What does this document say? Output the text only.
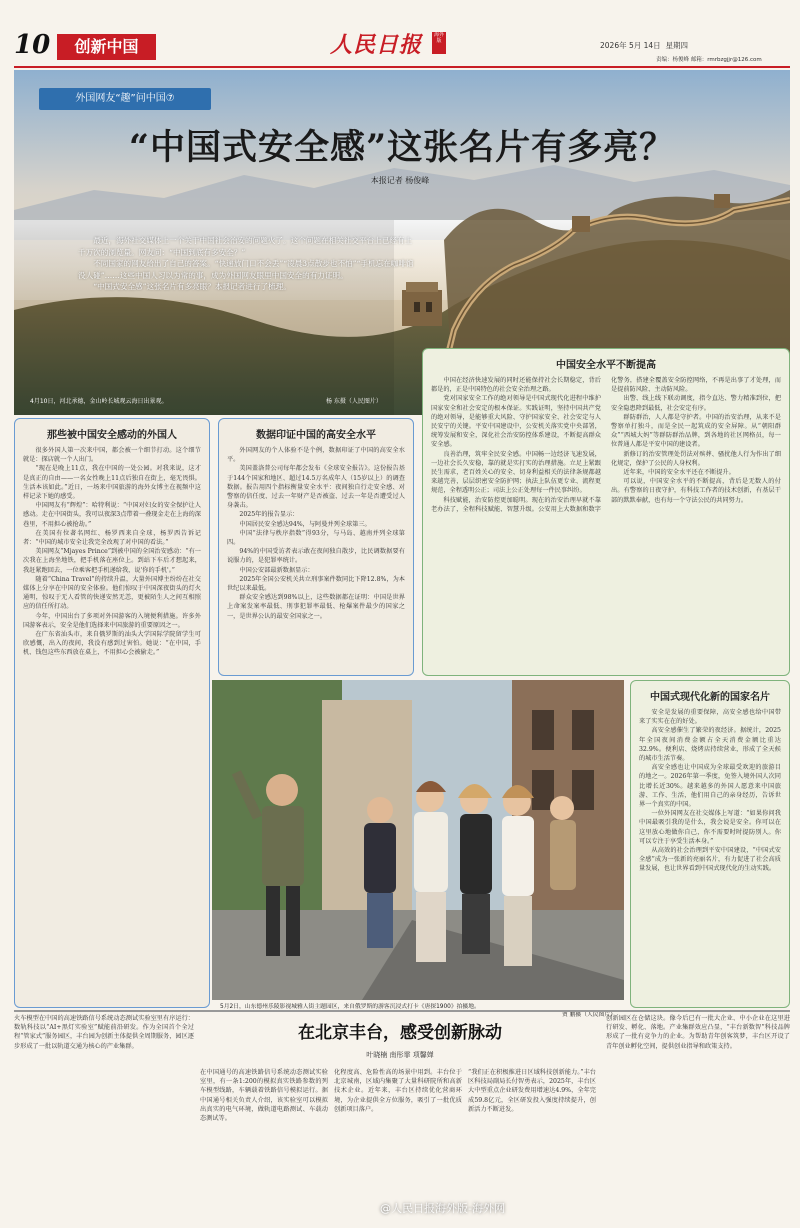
10	创新中国	人民日报	海外版	2026年 5月 14日 星期四
责编：杨俊峰 邮箱：rmrbzgjjr@126.com
外国网友“趣”问中国⑦
“中国式安全感”这张名片有多亮？
本报记者 杨俊峰

最近，海外社交媒体上一个关于中国社会治安的问题火了。这个问题在相关社交平台上已经有上千万次的浏览量。网友问：“中国到底有多安全？”

不同国家的网友给出了自己的答案。“快递放门口不会丢”“凌晨3点散步也不怕”“手机忘在咖啡馆没人碰”……这些中国人习以为常的事，成为外国网友眼里中国安全的有力证明。

“中国式安全感”这张名片有多亮眼？本报记者进行了梳理。

4月10日，河北承德，金山岭长城观云海日出景观。	杨 东摄（人民图片）
那些被中国安全感动的外国人

很多外国人第一次来中国，都会被一个细节打动。这个细节就是：探店就一个人出门。

“现在是晚上11点，我在中国的一处公园。对我来说，这才是真正的自由——一名女性晚上11点后独自在街上，毫无畏惧。生活本该如此。”近日，一场来中国旅游的海外女博主在视频中这样记录下她的感受。

中国网友有“辉煌”：哈特利说：“中国对妇女的安全保护让人感动。走在中国街头，我可以夜深3点带着一叠现金走在上海的深巷里，不用担心被抢劫。”

在美国有位著名网红、杨罗西来自全球，杨罗西告诉记者：“中国的城市安全让我完全改观了对中国的看法。”

美国网友“Mjayes Prince”到被中国的全国治安感动：“有一次我在上海坐地铁，把手机落在座位上。到站下车后才想起来，我赶紧跑回去，一位乘客把手机递给我，说'你的手机'。”

随着“China Travel”的持续升温，大量外国博主纷纷在社交媒体上分享在中国的安全体验。他们惊叹于中国深夜街头的灯火通明，惊叹于无人看管的快递安然无恙，更被陌生人之间互相照应的信任所打动。

今年，中国出台了多项对外国游客的入境便利措施。许多外国游客表示，安全是他们选择来中国旅游的重要原因之一。

在广东省汕头市，来自俄罗斯的汕头大学国际学院留学生可欣感慨，出入的夜间，我没有感到过害怕。她说：“在中国，手机、钱包这些东西放在桌上，不用担心会被偷走。”

数据印证中国的高安全水平

外国网友的个人体验不是个例，数据印证了中国的高安全水平。

美国盖洛普公司每年都会发布《全球安全报告》。这份报告基于144个国家和地区、超过14.5万名成年人（15岁以上）的调查数据。报告用四个指标衡量安全水平：夜间独自行走安全感、对警察的信任度、过去一年财产是否被盗、过去一年是否遭受过人身袭击。

2025年的报告显示：

中国居民安全感达94%，与阿曼并列全球第三。

中国“法律与秩序指数”得93分，与马岛、越南并列全球第四。

94%的中国受访者表示敢在夜间独自散步，比民调数据要有说服力的，是犯罪率统计。

中国公安部最新数据显示：

2025年全国公安机关共立刑事案件数同比下降12.8%，为本世纪以来最低。

群众安全感达到98%以上，这些数据都在证明：中国是世界上命案发案率最低、刑事犯罪率最低、枪爆案件最少的国家之一，是世界公认的最安全国家之一。

中国安全水平不断提高

中国在经济快速发展的同时还能保持社会长期稳定，背后都是的，正是中国特色的社会安全治理之路。

党对国家安全工作的绝对领导是中国式现代化进程中维护国家安全和社会安定的根本保证。实践证明，坚持中国共产党的绝对领导，是能够重大风险、守护国家安全、社会安定与人民安宁的关键。平安中国建设中，公安机关落实党中央部署，统筹发展和安全，深化社会治安防控体系建设，不断提高群众安全感。

良善治理，筑牢全民安全感。中国畅一边经济飞速发展，一边社会长久安稳，靠的就是实打实的治理措施。立足上紧跟民生需求，老百姓关心的安全、切身利益相关的法律条规都越来越完善，层层织密安全防护网；执法上队伍更专业、流程更规范，全程透明公正；司法上公正处理每一件民事纠纷。

科技赋能，治安防控更加聪明。现在的治安治理早就不靠老办法了，全程科技赋能、智慧升级。公安用上大数据和数字化警务，搭建全覆盖安全防控网络，不再是出事了才处理，而是提前防风险、主动防风险。

出警、线上线下联动调度，指令直达、警力精准到位，把安全隐患降到最低，社会安定有序。

群防群治，人人都是守护者。中国的治安治理，从来不是警察单打独斗，而是全民一起筑成的安全屏障。从“朝阳群众”“西城大妈”等群防群治品牌，到各地的社区网格员，每一位普通人都是平安中国的建设者。

新修订的治安管理处罚法对殡葬、骚扰他人行为作出了细化规定，保护了公民的人身权利。

近年来，中国的安全水平还在不断提升。

可以说，中国安全水平的不断提高，背后是无数人的付出。有警察的日夜守护，有科技工作者的技术创新，有基层干部的默默奉献，也有每一个守法公民的共同努力。

5月2日，山东德州乐陵影视城雅人街主题园区，来自俄罗斯的游客沉浸式打卡《唐探1900》拍摄地。

贾 鹏摄（人民图片）
中国式现代化新的国家名片

安全是发展的重要保障，高安全感也给中国带来了实实在在的好处。

高安全感催生了繁荣的夜经济。据统计，2025年全国夜间消费金额占全天消费金额比重达32.9%。便利店、烧烤店持续营业，形成了全天候的城市生活节奏。

高安全感也让中国成为全球最受欢迎的旅游目的地之一。2026年第一季度，免签入境外国人次同比增长近30%。越来越多的外国人愿意来中国旅游、工作、生活，他们用自己的亲身经历，告诉世界一个真实的中国。

一位外国网友在社交媒体上写道：“如果你问我中国最吸引我的是什么，我会说是安全。你可以在这里放心地做你自己，你不需要时时提防别人。你可以专注于享受生活本身。”

从高效的社会治理到平安中国建设，“中国式安全感”成为一张新的亮丽名片，有力促进了社会高质量发展，也让世界看到中国式现代化的生动实践。

火车模型在中国的高速铁路信号系统动态测试实验室里有序运行：数轨科技以“AI+黑灯实验室”赋能前沿研发。作为全国首个全过程“管家式”服务园区，丰台园为创新主体提供全周期服务，园区逐步形成了一批以轨道交通为核心的产业集群。
在北京丰台，感受创新脉动
叶晓楠 南彤霏 项馨婵
在中国通号的高速铁路信号系统动态测试实验室里，有一条1:200的模拟真实铁路参数的列车模型线路，车辆载着铁路信号模拟运行。据中国通号相关负责人介绍，该实验室可以模拟出真实的电气环境，做轨道电路测试、车载动态测试等。
化程度高、危险性高的场景中用到。丰台位于北京城南，区域内集聚了大量科研院所和高新技术企业。近年来，丰台区持续优化营商环境，为企业提供全方位服务，吸引了一批优质创新项目落户。
“我们正在积极推进日区域科技创新能力。”丰台区科技局副局长付智勇表示，2025年，丰台区大中型重点企业研发费用增速达4.9%，全年完成59.8亿元，全区研发投入强度持续提升，创新活力不断迸发。
创新园区在仓储这块。像今后已有一批大企业、中小企业在这里进行研发、孵化、落地。产业集群效应凸显，“丰台新数智”科技品牌形成了一批有竞争力的企业。为帮助青年创客筑梦，丰台区开设了青年创业孵化空间，提供创业指导和政策支持。
@人民日报海外版-海外网
